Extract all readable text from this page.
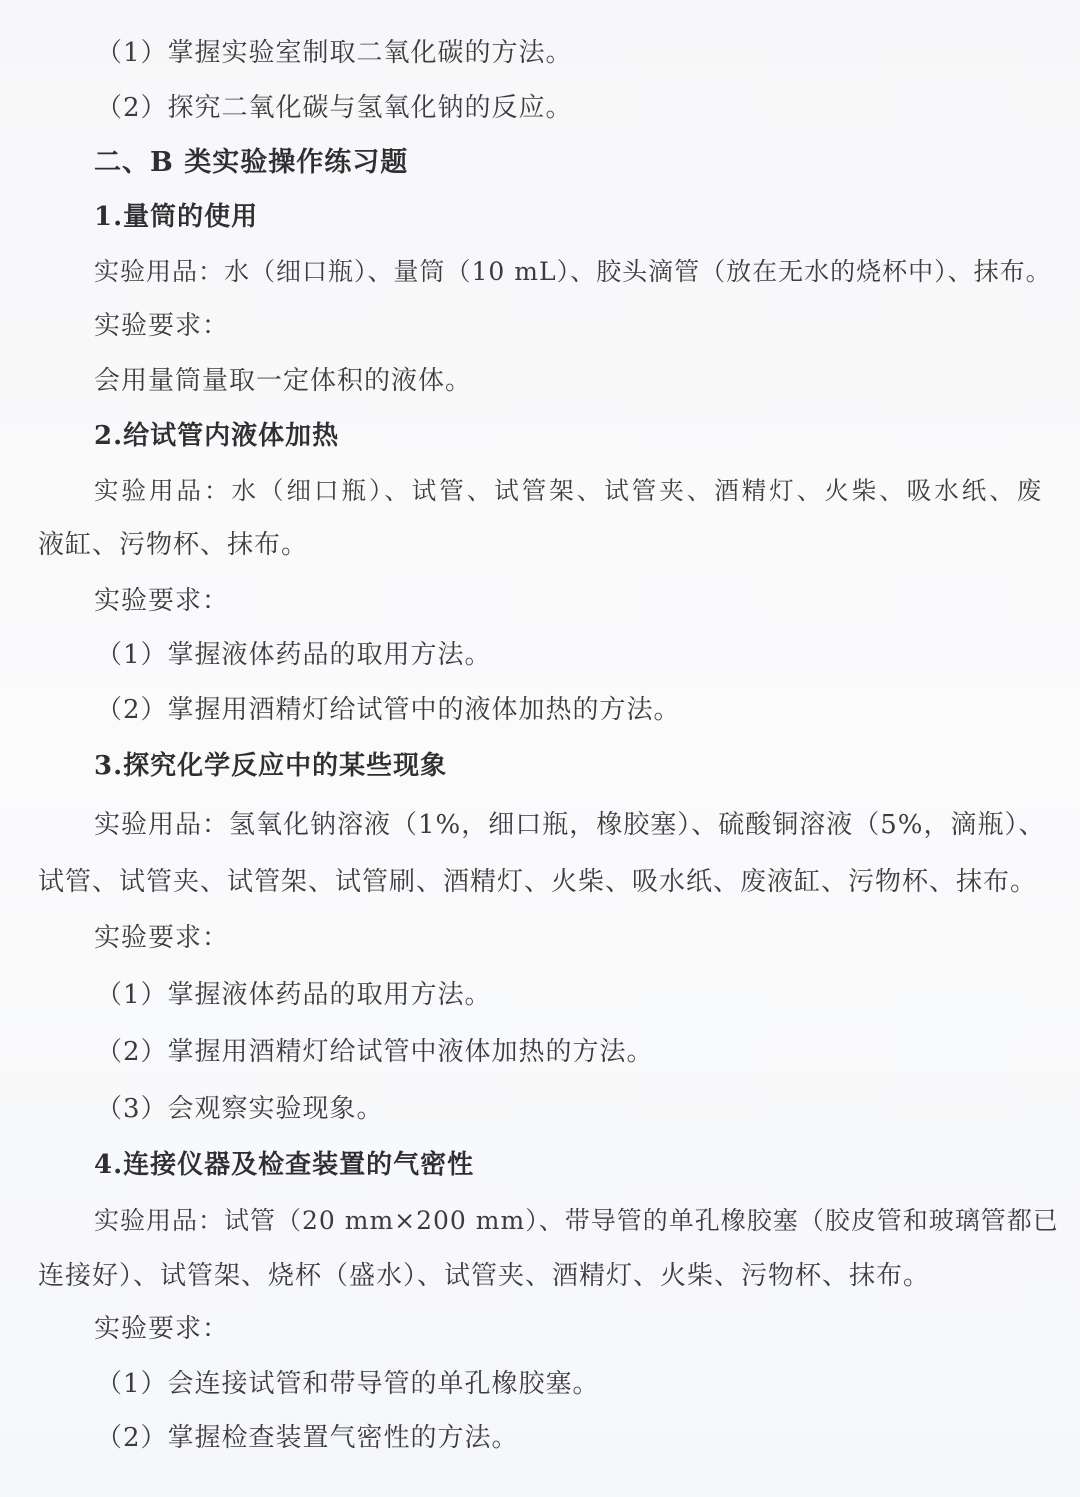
（1）掌握实验室制取二氧化碳的方法。
（2）探究二氧化碳与氢氧化钠的反应。
二、B 类实验操作练习题
1.量筒的使用
实验用品：水（细口瓶）、量筒（10 mL）、胶头滴管（放在无水的烧杯中）、抹布。
实验要求：
会用量筒量取一定体积的液体。
2.给试管内液体加热
实验用品：水（细口瓶）、试管、试管架、试管夹、酒精灯、火柴、吸水纸、废
液缸、污物杯、抹布。
实验要求：
（1）掌握液体药品的取用方法。
（2）掌握用酒精灯给试管中的液体加热的方法。
3.探究化学反应中的某些现象
实验用品：氢氧化钠溶液（1%，细口瓶，橡胶塞）、硫酸铜溶液（5%，滴瓶）、
试管、试管夹、试管架、试管刷、酒精灯、火柴、吸水纸、废液缸、污物杯、抹布。
实验要求：
（1）掌握液体药品的取用方法。
（2）掌握用酒精灯给试管中液体加热的方法。
（3）会观察实验现象。
4.连接仪器及检查装置的气密性
实验用品：试管（20 mm×200 mm）、带导管的单孔橡胶塞（胶皮管和玻璃管都已
连接好）、试管架、烧杯（盛水）、试管夹、酒精灯、火柴、污物杯、抹布。
实验要求：
（1）会连接试管和带导管的单孔橡胶塞。
（2）掌握检查装置气密性的方法。
